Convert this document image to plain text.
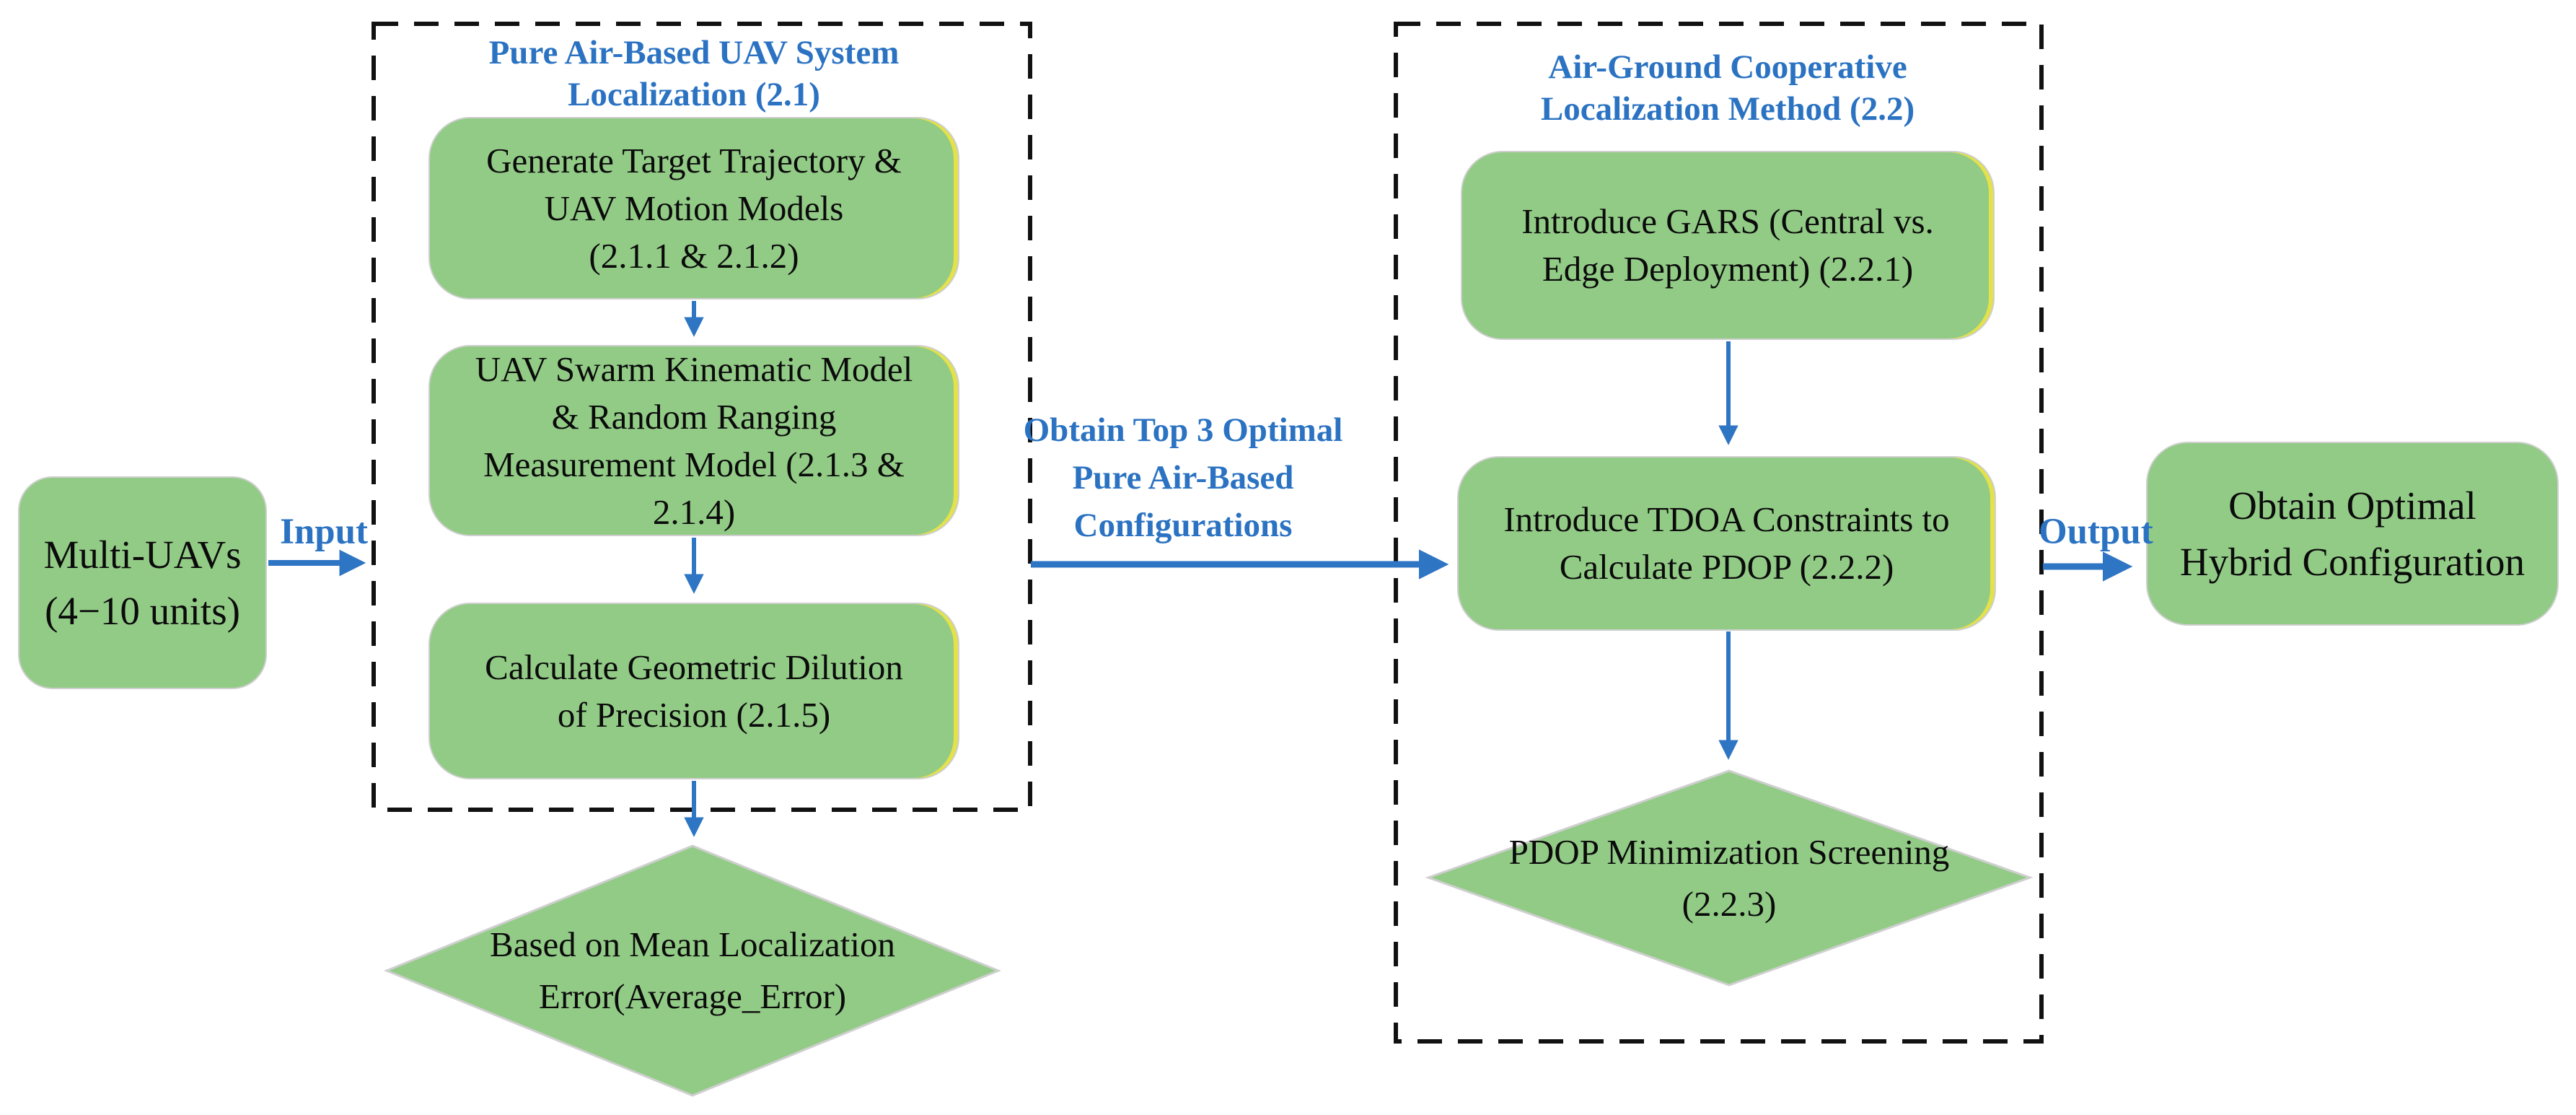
Pure Air-Based UAV System
Localization (2.1)
Air-Ground Cooperative
Localization Method (2.2)
Multi-UAVs
(4−10 units)
Generate Target Trajectory &
UAV Motion Models
(2.1.1 & 2.1.2)
UAV Swarm Kinematic Model
& Random Ranging
Measurement Model (2.1.3 &
2.1.4)
Calculate Geometric Dilution
of Precision (2.1.5)
Based on Mean Localization
Error(Average_Error)
Introduce GARS (Central vs.
Edge Deployment) (2.2.1)
Introduce TDOA Constraints to
Calculate PDOP (2.2.2)
PDOP Minimization Screening
(2.2.3)
Obtain Optimal
Hybrid Configuration
Input
Obtain Top 3 Optimal
Pure Air-Based
Configurations	Output
